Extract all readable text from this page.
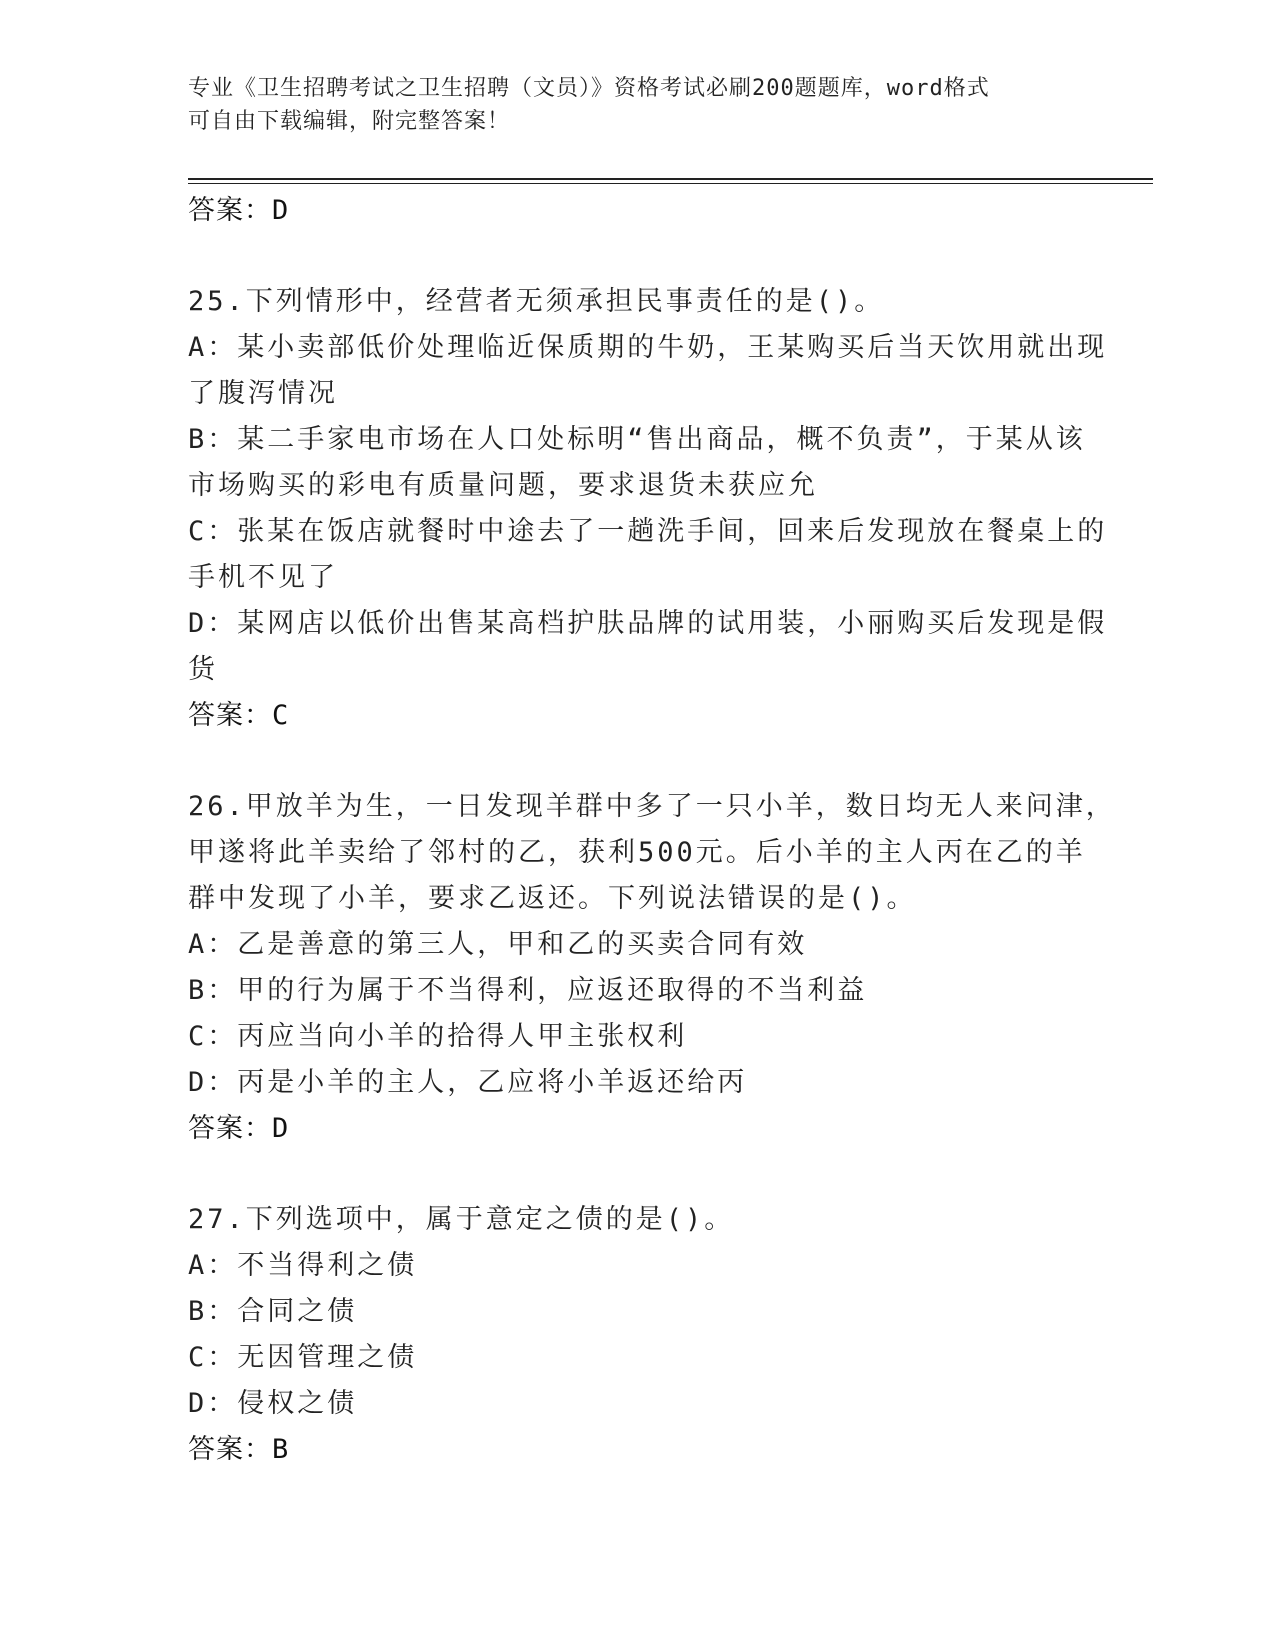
专业《卫生招聘考试之卫生招聘（文员）》资格考试必刷200题题库，word格式
可自由下载编辑，附完整答案！
答案：D
25.下列情形中，经营者无须承担民事责任的是()。
A：某小卖部低价处理临近保质期的牛奶，王某购买后当天饮用就出现
了腹泻情况
B：某二手家电市场在人口处标明“售出商品，概不负责”，于某从该
市场购买的彩电有质量问题，要求退货未获应允
C：张某在饭店就餐时中途去了一趟洗手间，回来后发现放在餐桌上的
手机不见了
D：某网店以低价出售某高档护肤品牌的试用装，小丽购买后发现是假
货
答案：C
26.甲放羊为生，一日发现羊群中多了一只小羊，数日均无人来问津，
甲遂将此羊卖给了邻村的乙，获利500元。后小羊的主人丙在乙的羊
群中发现了小羊，要求乙返还。下列说法错误的是()。
A：乙是善意的第三人，甲和乙的买卖合同有效
B：甲的行为属于不当得利，应返还取得的不当利益
C：丙应当向小羊的拾得人甲主张权利
D：丙是小羊的主人，乙应将小羊返还给丙
答案：D
27.下列选项中，属于意定之债的是()。
A：不当得利之债
B：合同之债
C：无因管理之债
D：侵权之债
答案：B
